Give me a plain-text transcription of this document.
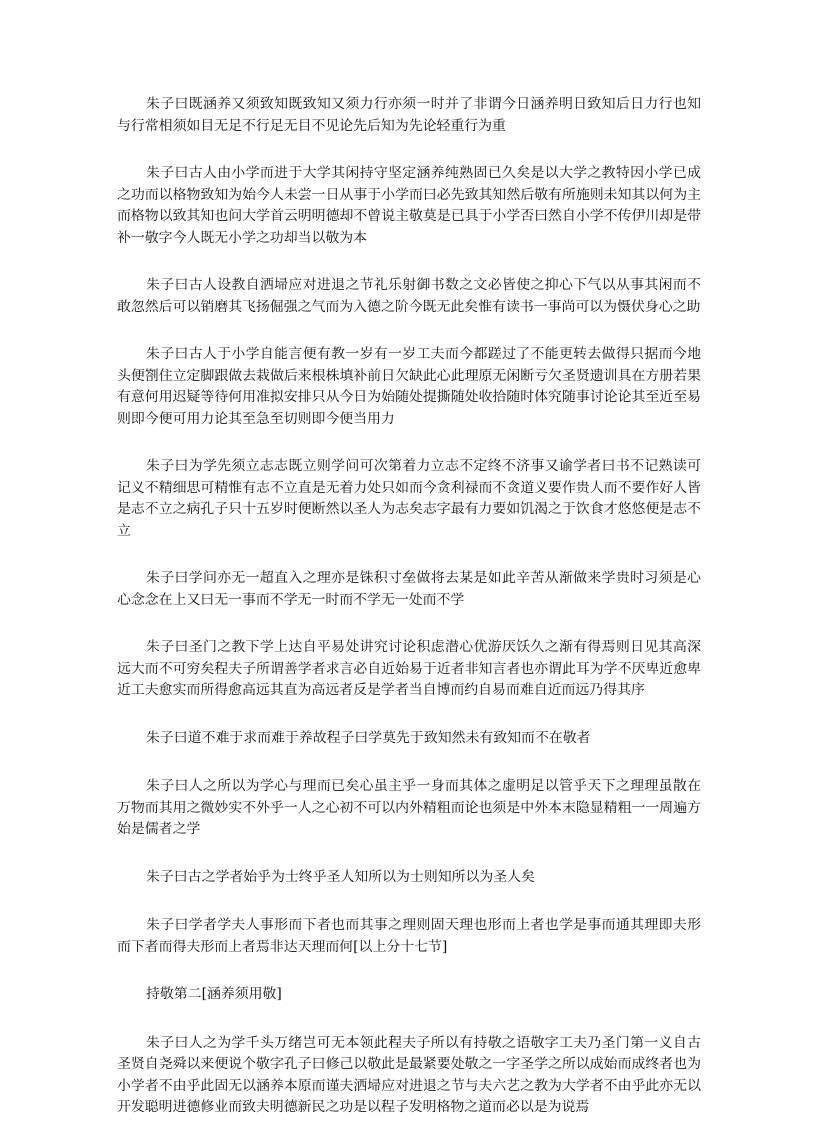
朱子曰既涵养又须致知既致知又须力行亦须一时并了非谓今日涵养明日致知后日力行也知与行常相须如目无足不行足无目不见论先后知为先论轻重行为重

朱子曰古人由小学而进于大学其闲持守坚定涵养纯熟固已久矣是以大学之教特因小学已成之功而以格物致知为始今人未尝一日从事于小学而曰必先致其知然后敬有所施则未知其以何为主而格物以致其知也问大学首云明明德却不曾说主敬莫是已具于小学否曰然自小学不传伊川却是带补一敬字今人既无小学之功却当以敬为本

朱子曰古人设教自洒埽应对进退之节礼乐射御书数之文必皆使之抑心下气以从事其闲而不敢忽然后可以销磨其飞扬倔强之气而为入德之阶今既无此矣惟有读书一事尚可以为慑伏身心之助

朱子曰古人于小学自能言便有教一岁有一岁工夫而今都蹉过了不能更转去做得只据而今地头便劄住立定脚跟做去栽做后来根株填补前日欠缺此心此理原无闲断亏欠圣贤遗训具在方册若果有意何用迟疑等待何用准拟安排只从今日为始随处提撕随处收拾随时体究随事讨论论其至近至易则即今便可用力论其至急至切则即今便当用力

朱子曰为学先须立志志既立则学问可次第着力立志不定终不济事又谕学者曰书不记熟读可记义不精细思可精惟有志不立直是无着力处只如而今贪利禄而不贪道义要作贵人而不要作好人皆是志不立之病孔子只十五岁时便断然以圣人为志矣志字最有力要如饥渴之于饮食才悠悠便是志不立

朱子曰学问亦无一超直入之理亦是铢积寸垒做将去某是如此辛苦从渐做来学贵时习须是心心念念在上又曰无一事而不学无一时而不学无一处而不学

朱子曰圣门之教下学上达自平易处讲究讨论积虑潜心优游厌饫久之渐有得焉则日见其高深远大而不可穷矣程夫子所谓善学者求言必自近始易于近者非知言者也亦谓此耳为学不厌卑近愈卑近工夫愈实而所得愈高远其直为高远者反是学者当自博而约自易而难自近而远乃得其序

朱子曰道不难于求而难于养故程子曰学莫先于致知然未有致知而不在敬者

朱子曰人之所以为学心与理而已矣心虽主乎一身而其体之虚明足以管乎天下之理理虽散在万物而其用之微妙实不外乎一人之心初不可以内外精粗而论也须是中外本末隐显精粗一一周遍方始是儒者之学

朱子曰古之学者始乎为士终乎圣人知所以为士则知所以为圣人矣

朱子曰学者学夫人事形而下者也而其事之理则固天理也形而上者也学是事而通其理即夫形而下者而得夫形而上者焉非达天理而何[以上分十七节]

持敬第二[涵养须用敬]

朱子曰人之为学千头万绪岂可无本领此程夫子所以有持敬之语敬字工夫乃圣门第一义自古圣贤自尧舜以来便说个敬字孔子曰修己以敬此是最紧要处敬之一字圣学之所以成始而成终者也为小学者不由乎此固无以涵养本原而谨夫洒埽应对进退之节与夫六艺之教为大学者不由乎此亦无以开发聪明进德修业而致夫明德新民之功是以程子发明格物之道而必以是为说焉
